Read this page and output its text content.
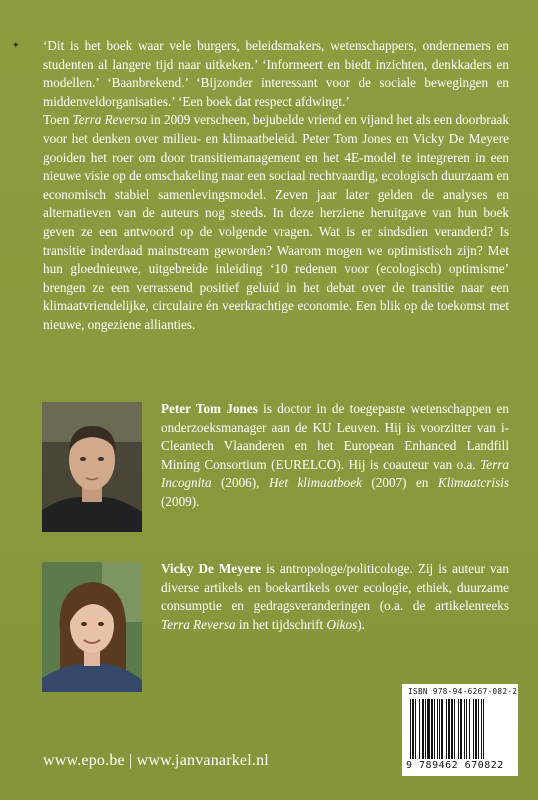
✦ ‘Dit is het boek waar vele burgers, beleidsmakers, wetenschappers, ondernemers en studenten al langere tijd naar uitkeken.’ ‘Informeert en biedt inzichten, denkkaders en modellen.’ ‘Baanbrekend.’ ‘Bijzonder interessant voor de sociale bewegingen en middenveldorganisaties.’ ‘Een boek dat respect afdwingt.’

Toen Terra Reversa in 2009 verscheen, bejubelde vriend en vijand het als een doorbraak voor het denken over milieu- en klimaatbeleid. Peter Tom Jones en Vicky De Meyere gooiden het roer om door transitiemanagement en het 4E-model te integreren in een nieuwe visie op de omschakeling naar een sociaal rechtvaardig, ecologisch duurzaam en economisch stabiel samenlevingsmodel. Zeven jaar later gelden de analyses en alternatieven van de auteurs nog steeds. In deze herziene heruitgave van hun boek geven ze een antwoord op de volgende vragen. Wat is er sindsdien veranderd? Is transitie inderdaad mainstream geworden? Waarom mogen we optimistisch zijn? Met hun gloednieuwe, uitgebreide inleiding ‘10 redenen voor (ecologisch) optimisme’ brengen ze een verrassend positief geluid in het debat over de transitie naar een klimaatvriendelijke, circulaire én veerkrachtige economie. Een blik op de toekomst met nieuwe, ongeziene allianties.

Peter Tom Jones is doctor in de toegepaste wetenschappen en onderzoeksmanager aan de KU Leuven. Hij is voorzitter van i-Cleantech Vlaanderen en het European Enhanced Landfill Mining Consortium (EURELCO). Hij is coauteur van o.a. Terra Incognita (2006), Het klimaatboek (2007) en Klimaatcrisis (2009).
Vicky De Meyere is antropologe/politicologe. Zij is auteur van diverse artikels en boekartikels over ecologie, ethiek, duurzame consumptie en gedragsveranderingen (o.a. de artikelenreeks Terra Reversa in het tijdschrift Oikos).
www.epo.be | www.janvanarkel.nl
ISBN 978-94-6267-082-2
9 789462 670822
